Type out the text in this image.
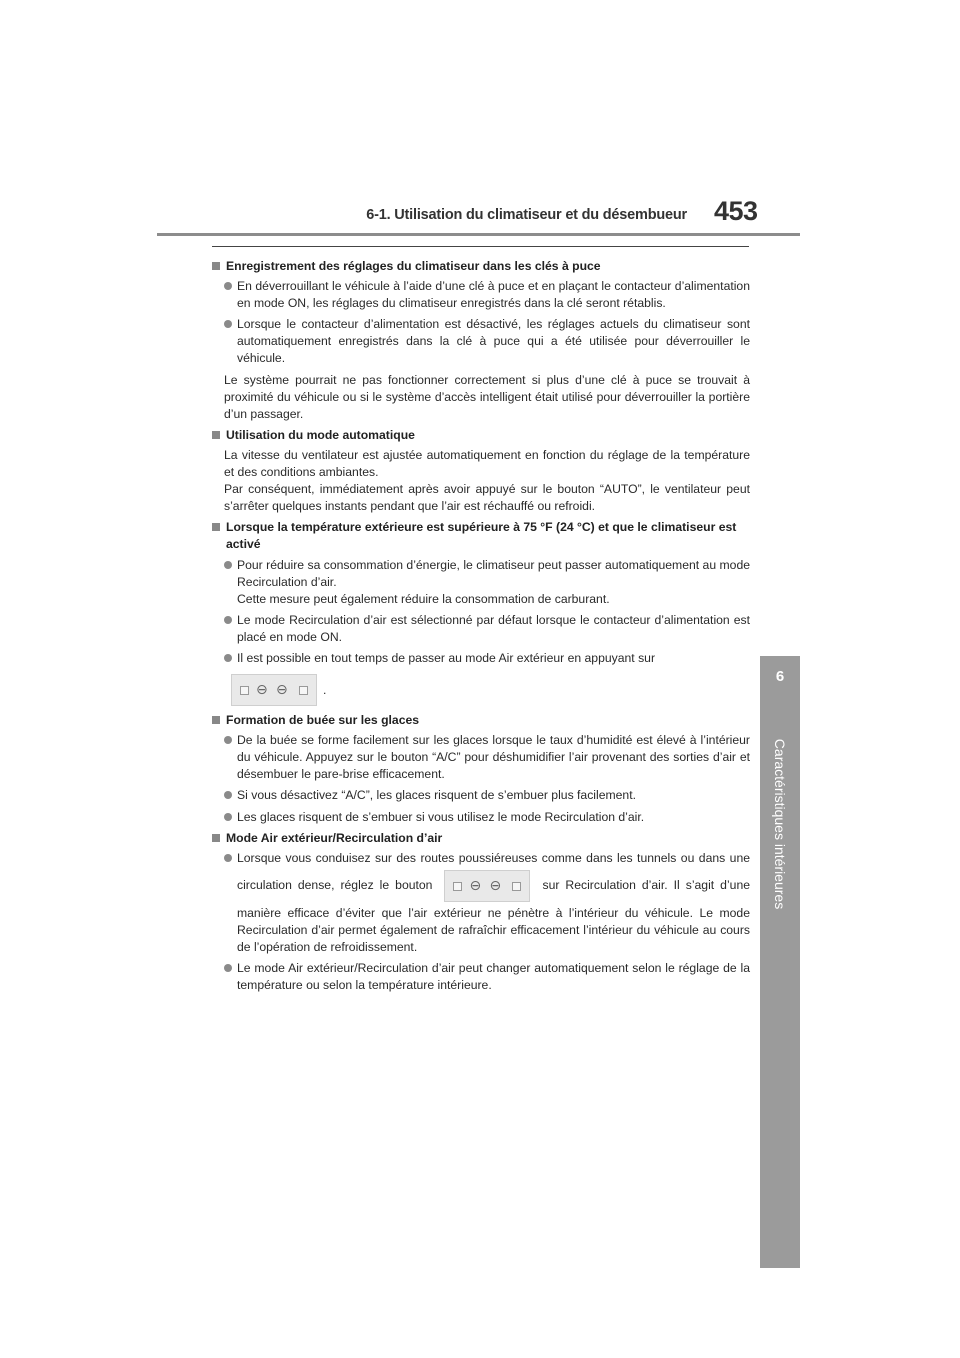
6-1. Utilisation du climatiseur et du désembueur 453
6
Caractéristiques intérieures
Enregistrement des réglages du climatiseur dans les clés à puce
En déverrouillant le véhicule à l’aide d’une clé à puce et en plaçant le contacteur d’alimentation en mode ON, les réglages du climatiseur enregistrés dans la clé seront rétablis.
Lorsque le contacteur d’alimentation est désactivé, les réglages actuels du climatiseur sont automatiquement enregistrés dans la clé à puce qui a été utilisée pour déverrouiller le véhicule.
Le système pourrait ne pas fonctionner correctement si plus d’une clé à puce se trouvait à proximité du véhicule ou si le système d’accès intelligent était utilisé pour déverrouiller la portière d’un passager.
Utilisation du mode automatique
La vitesse du ventilateur est ajustée automatiquement en fonction du réglage de la température et des conditions ambiantes.
Par conséquent, immédiatement après avoir appuyé sur le bouton “AUTO”, le ventilateur peut s’arrêter quelques instants pendant que l’air est réchauffé ou refroidi.
Lorsque la température extérieure est supérieure à 75 °F (24 °C) et que le climatiseur est activé
Pour réduire sa consommation d’énergie, le climatiseur peut passer automatiquement au mode Recirculation d’air.
Cette mesure peut également réduire la consommation de carburant.
Le mode Recirculation d’air est sélectionné par défaut lorsque le contacteur d’alimentation est placé en mode ON.
Il est possible en tout temps de passer au mode Air extérieur en appuyant sur
⊖ ⊖	.
Formation de buée sur les glaces
De la buée se forme facilement sur les glaces lorsque le taux d’humidité est élevé à l’intérieur du véhicule. Appuyez sur le bouton “A/C” pour déshumidifier l’air provenant des sorties d’air et désembuer le pare-brise efficacement.
Si vous désactivez “A/C”, les glaces risquent de s’embuer plus facilement.
Les glaces risquent de s’embuer si vous utilisez le mode Recirculation d’air.
Mode Air extérieur/Recirculation d’air
Lorsque vous conduisez sur des routes poussiéreuses comme dans les tunnels ou dans une circulation dense, réglez le bouton	⊖ ⊖	sur Recirculation d’air. Il s’agit d’une manière efficace d’éviter que l’air extérieur ne pénètre à l’intérieur du véhicule. Le mode Recirculation d’air permet également de rafraîchir efficacement l’intérieur du véhicule au cours de l’opération de refroidissement.
Le mode Air extérieur/Recirculation d’air peut changer automatiquement selon le réglage de la température ou selon la température intérieure.
